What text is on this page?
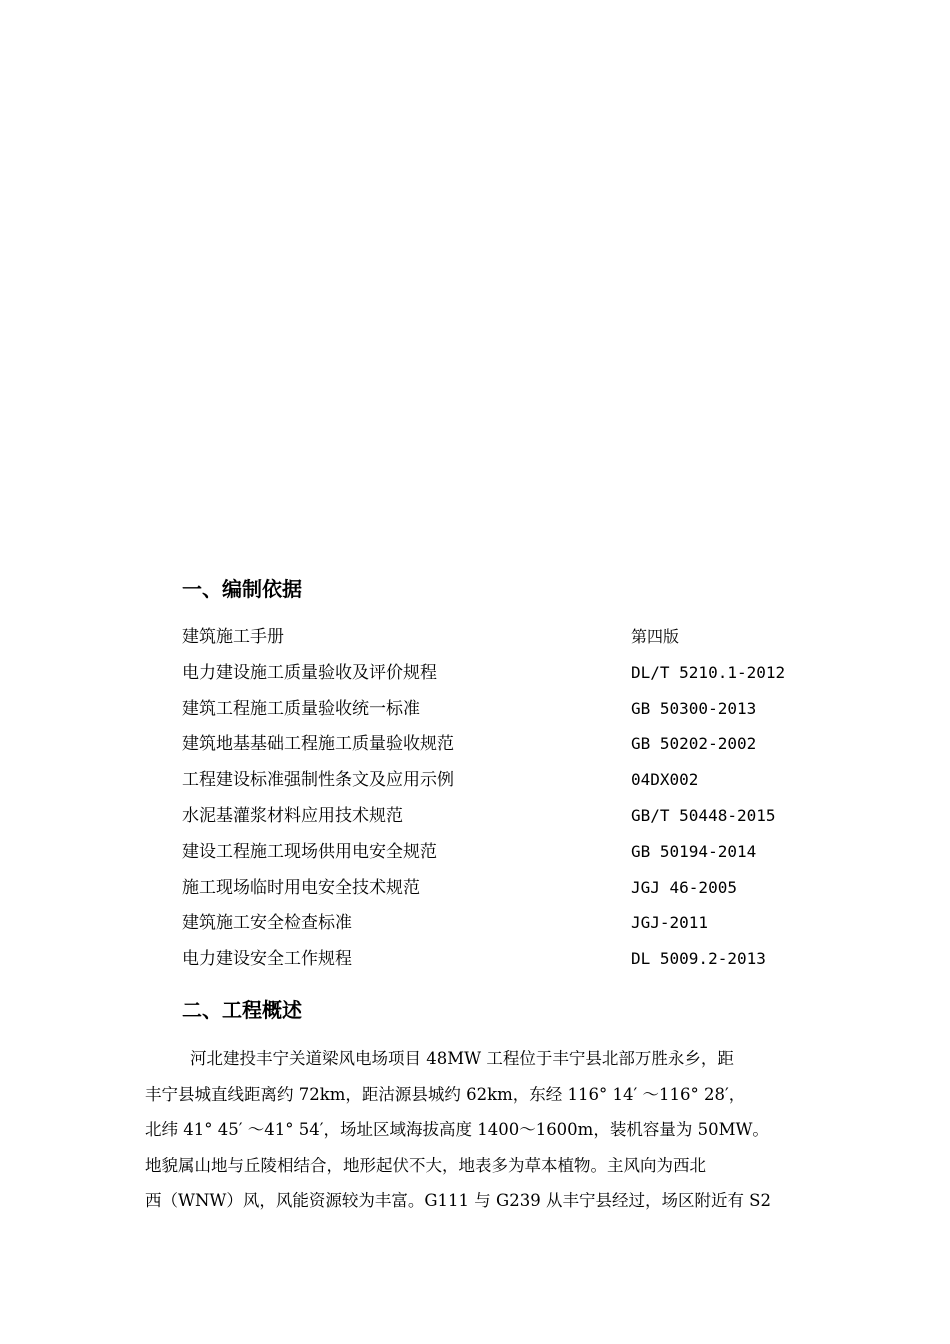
一、编制依据
建筑施工手册	第四版
电力建设施工质量验收及评价规程	DL/T 5210.1-2012
建筑工程施工质量验收统一标准	GB 50300-2013
建筑地基基础工程施工质量验收规范	GB 50202-2002
工程建设标准强制性条文及应用示例	04DX002
水泥基灌浆材料应用技术规范	GB/T 50448-2015
建设工程施工现场供用电安全规范	GB 50194-2014
施工现场临时用电安全技术规范	JGJ 46-2005
建筑施工安全检查标准	JGJ-2011
电力建设安全工作规程	DL 5009.2-2013
二、工程概述
河北建投丰宁关道梁风电场项目 48MW 工程位于丰宁县北部万胜永乡，距
丰宁县城直线距离约 72km，距沽源县城约 62km，东经 116° 14′ ～116° 28′，
北纬 41° 45′ ～41° 54′，场址区域海拔高度 1400～1600m，装机容量为 50MW。
地貌属山地与丘陵相结合，地形起伏不大，地表多为草本植物。主风向为西北
西（WNW）风，风能资源较为丰富。G111 与 G239 从丰宁县经过，场区附近有 S2
